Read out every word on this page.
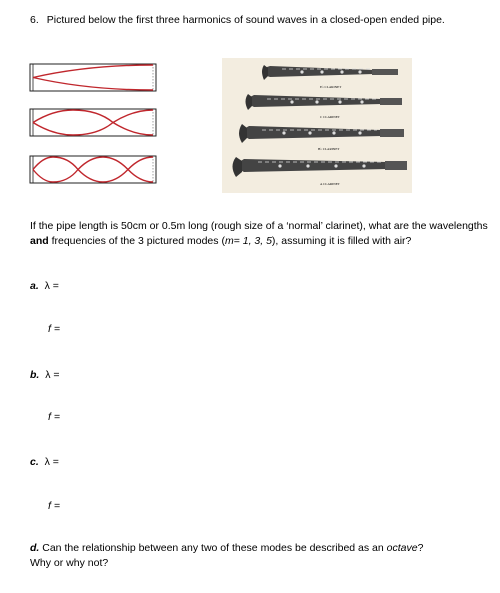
6. Pictured below the first three harmonics of sound waves in a closed-open ended pipe.
E♭ CLARINET
C CLARINET
B♭ CLARINET
A CLARINET
If the pipe length is 50cm or 0.5m long (rough size of a ‘normal’ clarinet), what are the wavelengths and frequencies of the 3 pictured modes (m= 1, 3, 5), assuming it is filled with air?
a. λ =
f =
b. λ =
f =
c. λ =
f =
d. Can the relationship between any two of these modes be described as an octave?
Why or why not?
